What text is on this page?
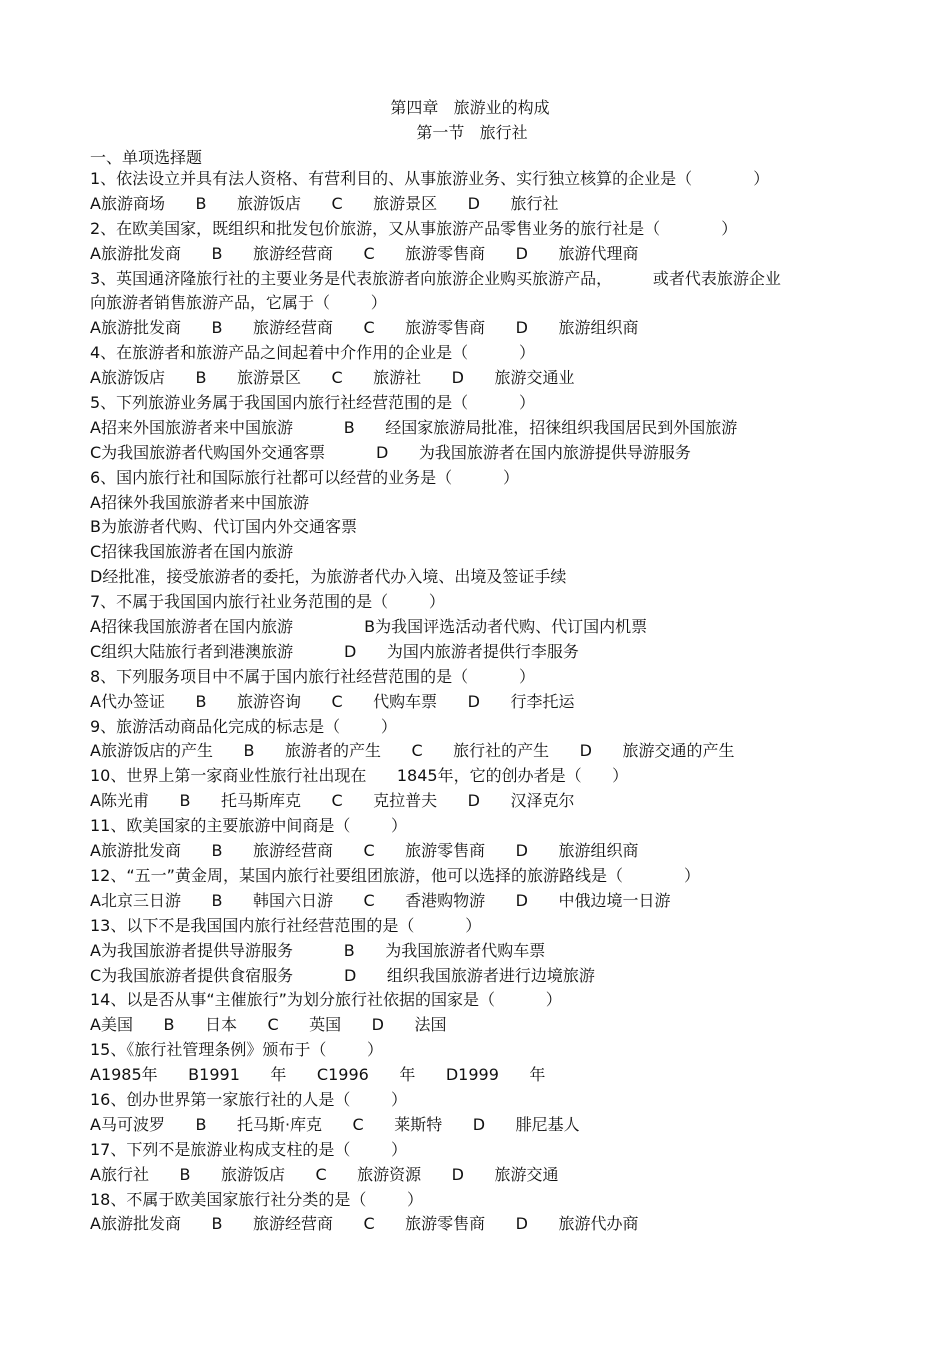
第四章   旅游业的构成
第一节   旅行社
一、单项选择题
1、依法设立并具有法人资格、有营利目的、从事旅游业务、实行独立核算的企业是（            ）
A旅游商场      B      旅游饭店      C      旅游景区      D      旅行社
2、在欧美国家，既组织和批发包价旅游，又从事旅游产品零售业务的旅行社是（            ）
A旅游批发商      B      旅游经营商      C      旅游零售商      D      旅游代理商
3、英国通济隆旅行社的主要业务是代表旅游者向旅游企业购买旅游产品，        或者代表旅游企业
向旅游者销售旅游产品，它属于（        ）
A旅游批发商      B      旅游经营商      C      旅游零售商      D      旅游组织商
4、在旅游者和旅游产品之间起着中介作用的企业是（          ）
A旅游饭店      B      旅游景区      C      旅游社      D      旅游交通业
5、下列旅游业务属于我国国内旅行社经营范围的是（          ）
A招来外国旅游者来中国旅游          B      经国家旅游局批准，招徕组织我国居民到外国旅游
C为我国旅游者代购国外交通客票          D      为我国旅游者在国内旅游提供导游服务
6、国内旅行社和国际旅行社都可以经营的业务是（          ）
A招徕外我国旅游者来中国旅游
B为旅游者代购、代订国内外交通客票
C招徕我国旅游者在国内旅游
D经批准，接受旅游者的委托，为旅游者代办入境、出境及签证手续
7、不属于我国国内旅行社业务范围的是（        ）
A招徕我国旅游者在国内旅游              B为我国评选活动者代购、代订国内机票
C组织大陆旅行者到港澳旅游          D      为国内旅游者提供行李服务
8、下列服务项目中不属于国内旅行社经营范围的是（          ）
A代办签证      B      旅游咨询      C      代购车票      D      行李托运
9、旅游活动商品化完成的标志是（        ）
A旅游饭店的产生      B      旅游者的产生      C      旅行社的产生      D      旅游交通的产生
10、世界上第一家商业性旅行社出现在      1845年，它的创办者是（      ）
A陈光甫      B      托马斯库克      C      克拉普夫      D      汉泽克尔
11、欧美国家的主要旅游中间商是（        ）
A旅游批发商      B      旅游经营商      C      旅游零售商      D      旅游组织商
12、“五一”黄金周，某国内旅行社要组团旅游，他可以选择的旅游路线是（            ）
A北京三日游      B      韩国六日游      C      香港购物游      D      中俄边境一日游
13、以下不是我国国内旅行社经营范围的是（          ）
A为我国旅游者提供导游服务          B      为我国旅游者代购车票
C为我国旅游者提供食宿服务          D      组织我国旅游者进行边境旅游
14、以是否从事“主催旅行”为划分旅行社依据的国家是（          ）
A美国      B      日本      C      英国      D      法国
15、《旅行社管理条例》颁布于（        ）
A1985年      B1991      年      C1996      年      D1999      年
16、创办世界第一家旅行社的人是（        ）
A马可波罗      B      托马斯·库克      C      莱斯特      D      腓尼基人
17、下列不是旅游业构成支柱的是（        ）
A旅行社      B      旅游饭店      C      旅游资源      D      旅游交通
18、不属于欧美国家旅行社分类的是（        ）
A旅游批发商      B      旅游经营商      C      旅游零售商      D      旅游代办商
